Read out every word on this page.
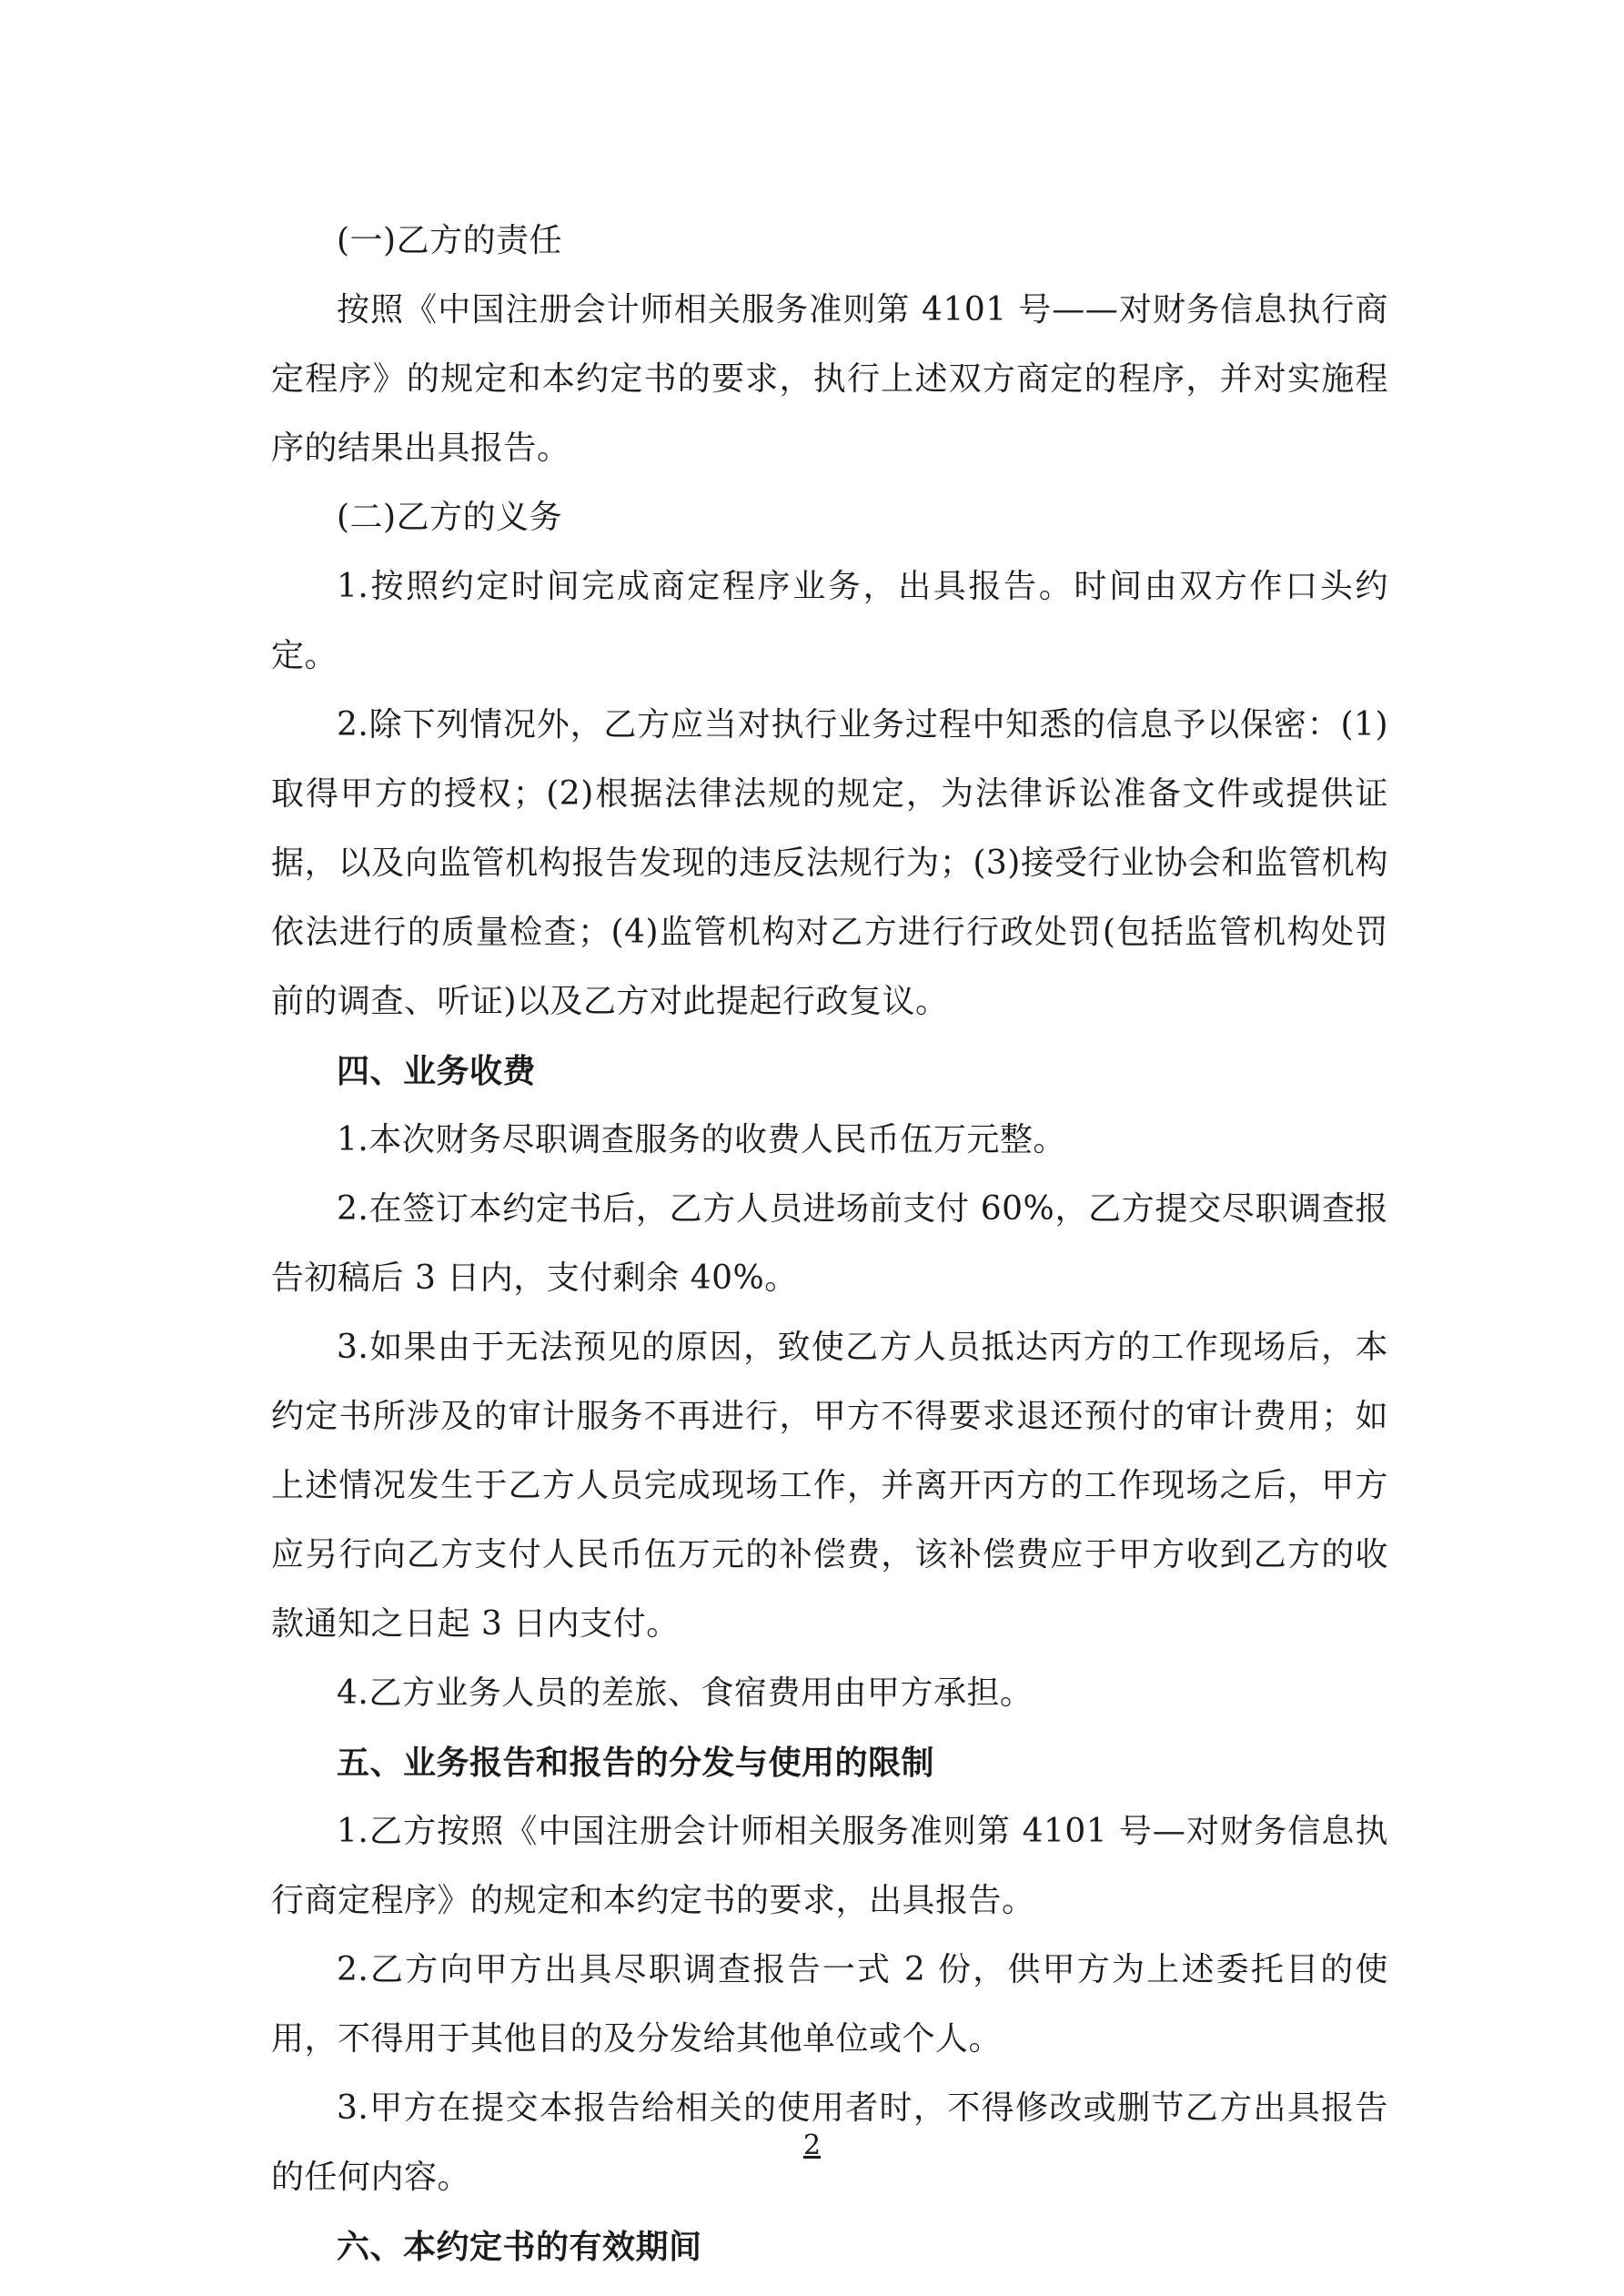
(一)乙方的责任

按照《中国注册会计师相关服务准则第 4101 号——对财务信息执行商定程序》的规定和本约定书的要求，执行上述双方商定的程序，并对实施程序的结果出具报告。

(二)乙方的义务

1.按照约定时间完成商定程序业务，出具报告。时间由双方作口头约定。

2.除下列情况外，乙方应当对执行业务过程中知悉的信息予以保密：(1)取得甲方的授权；(2)根据法律法规的规定，为法律诉讼准备文件或提供证据，以及向监管机构报告发现的违反法规行为；(3)接受行业协会和监管机构依法进行的质量检查；(4)监管机构对乙方进行行政处罚(包括监管机构处罚前的调查、听证)以及乙方对此提起行政复议。

四、业务收费

1.本次财务尽职调查服务的收费人民币伍万元整。

2.在签订本约定书后，乙方人员进场前支付 60%，乙方提交尽职调查报告初稿后 3 日内，支付剩余 40%。

3.如果由于无法预见的原因，致使乙方人员抵达丙方的工作现场后，本约定书所涉及的审计服务不再进行，甲方不得要求退还预付的审计费用；如上述情况发生于乙方人员完成现场工作，并离开丙方的工作现场之后，甲方应另行向乙方支付人民币伍万元的补偿费，该补偿费应于甲方收到乙方的收款通知之日起 3 日内支付。

4.乙方业务人员的差旅、食宿费用由甲方承担。

五、业务报告和报告的分发与使用的限制

1.乙方按照《中国注册会计师相关服务准则第 4101 号—对财务信息执行商定程序》的规定和本约定书的要求，出具报告。

2.乙方向甲方出具尽职调查报告一式 2 份，供甲方为上述委托目的使用，不得用于其他目的及分发给其他单位或个人。

3.甲方在提交本报告给相关的使用者时，不得修改或删节乙方出具报告的任何内容。

六、本约定书的有效期间

2
